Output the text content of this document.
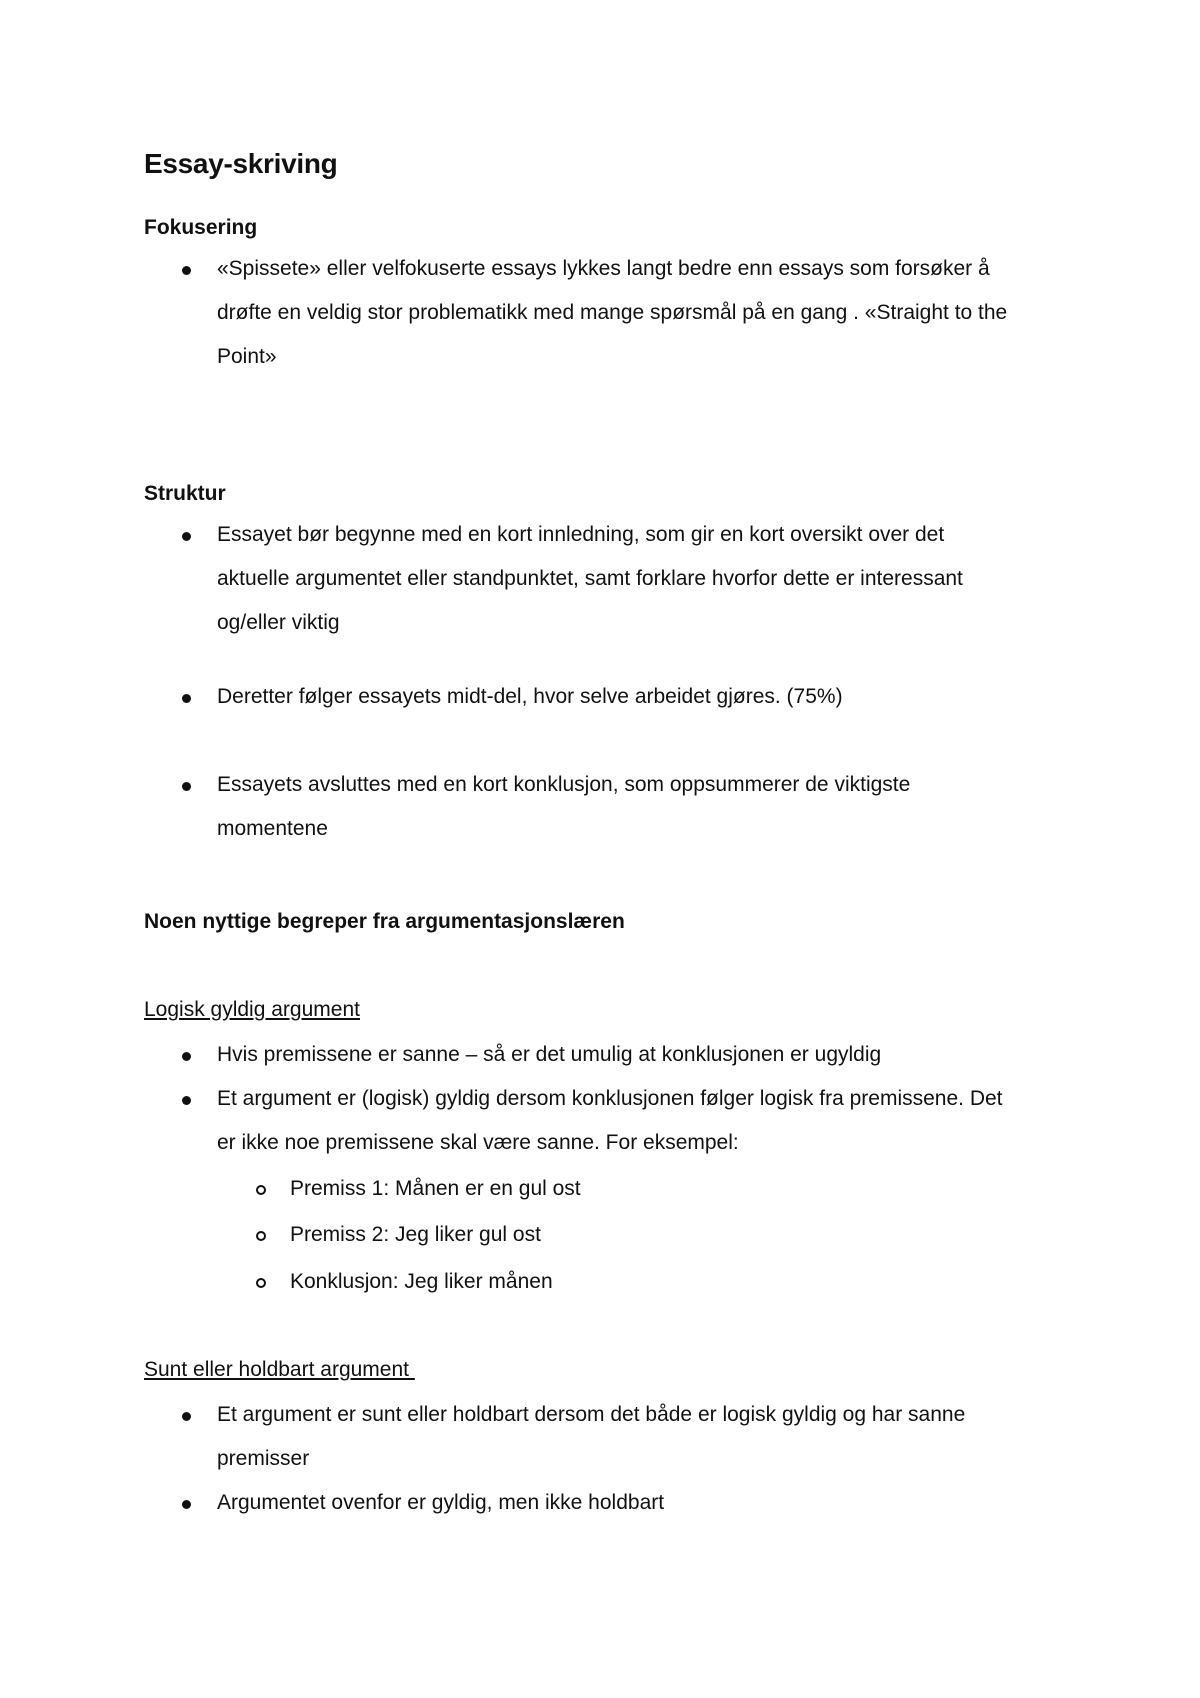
Essay-skriving
Fokusering
«Spissete» eller velfokuserte essays lykkes langt bedre enn essays som forsøker å
drøfte en veldig stor problematikk med mange spørsmål på en gang . «Straight to the
Point»
Struktur
Essayet bør begynne med en kort innledning, som gir en kort oversikt over det
aktuelle argumentet eller standpunktet, samt forklare hvorfor dette er interessant
og/eller viktig
Deretter følger essayets midt-del, hvor selve arbeidet gjøres. (75%)
Essayets avsluttes med en kort konklusjon, som oppsummerer de viktigste
momentene
Noen nyttige begreper fra argumentasjonslæren
Logisk gyldig argument
Hvis premissene er sanne – så er det umulig at konklusjonen er ugyldig
Et argument er (logisk) gyldig dersom konklusjonen følger logisk fra premissene. Det
er ikke noe premissene skal være sanne. For eksempel:
Premiss 1: Månen er en gul ost
Premiss 2: Jeg liker gul ost
Konklusjon: Jeg liker månen
Sunt eller holdbart argument
Et argument er sunt eller holdbart dersom det både er logisk gyldig og har sanne
premisser
Argumentet ovenfor er gyldig, men ikke holdbart
